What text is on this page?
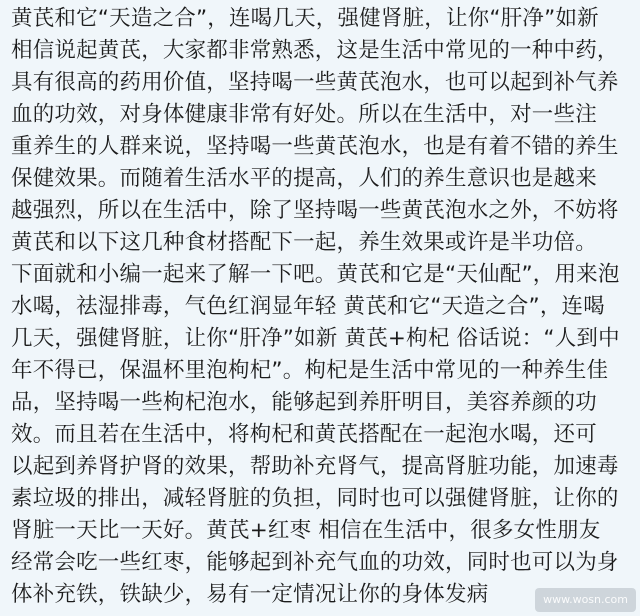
黄芪和它“天造之合”，连喝几天，强健肾脏，让你“肝净”如新
相信说起黄芪，大家都非常熟悉，这是生活中常见的一种中药，
具有很高的药用价值，坚持喝一些黄芪泡水，也可以起到补气养
血的功效，对身体健康非常有好处。所以在生活中，对一些注
重养生的人群来说，坚持喝一些黄芪泡水，也是有着不错的养生
保健效果。而随着生活水平的提高，人们的养生意识也是越来
越强烈，所以在生活中，除了坚持喝一些黄芪泡水之外，不妨将
黄芪和以下这几种食材搭配下一起，养生效果或许是半功倍。
下面就和小编一起来了解一下吧。黄芪和它是“天仙配”，用来泡
水喝，祛湿排毒，气色红润显年轻 黄芪和它“天造之合”，连喝
几天，强健肾脏，让你“肝净”如新 黄芪+枸杞 俗话说：“人到中
年不得已，保温杯里泡枸杞”。枸杞是生活中常见的一种养生佳
品，坚持喝一些枸杞泡水，能够起到养肝明目，美容养颜的功
效。而且若在生活中，将枸杞和黄芪搭配在一起泡水喝，还可
以起到养肾护肾的效果，帮助补充肾气，提高肾脏功能，加速毒
素垃圾的排出，减轻肾脏的负担，同时也可以强健肾脏，让你的
肾脏一天比一天好。黄芪+红枣 相信在生活中，很多女性朋友
经常会吃一些红枣，能够起到补充气血的功效，同时也可以为身
体补充铁，铁缺少，易有一定情况让你的身体发病	www.wosn.com
